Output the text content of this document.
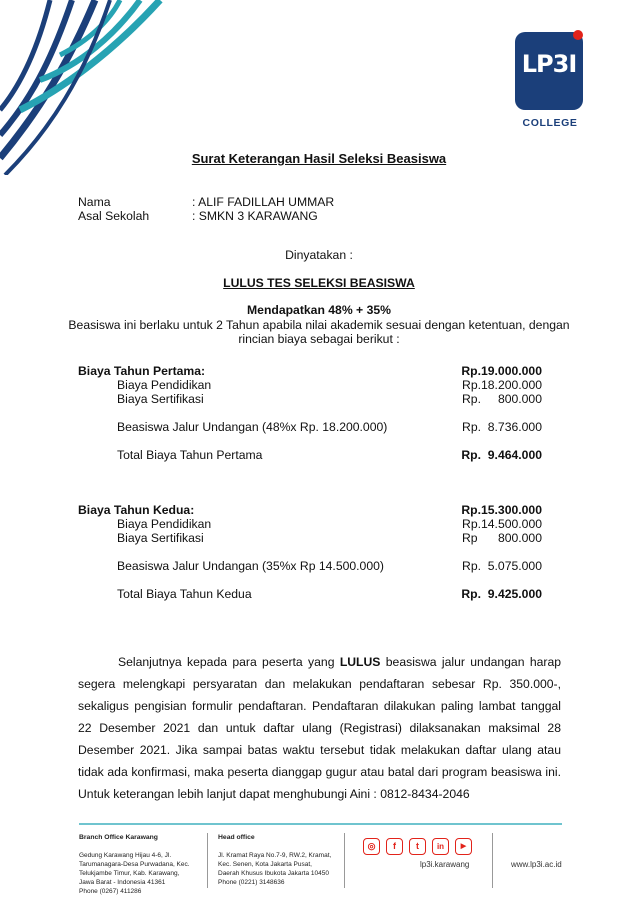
LP3I
COLLEGE
Surat Keterangan Hasil Seleksi Beasiswa
Nama	: ALIF FADILLAH UMMAR
Asal Sekolah	: SMKN 3 KARAWANG
Dinyatakan :
LULUS TES SELEKSI BEASISWA
Mendapatkan 48% + 35%
Beasiswa ini berlaku untuk 2 Tahun apabila nilai akademik sesuai dengan ketentuan, dengan
rincian biaya sebagai berikut :
Biaya Tahun Pertama:	Rp.19.000.000
Biaya Pendidikan	Rp.18.200.000
Biaya Sertifikasi	Rp.	800.000
Beasiswa Jalur Undangan (48%x Rp. 18.200.000)	Rp.  8.736.000
Total Biaya Tahun Pertama	Rp.  9.464.000
Biaya Tahun Kedua:	Rp.15.300.000
Biaya Pendidikan	Rp.14.500.000
Biaya Sertifikasi	Rp	800.000
Beasiswa Jalur Undangan (35%x Rp 14.500.000)	Rp.  5.075.000
Total Biaya Tahun Kedua	Rp.  9.425.000

Selanjutnya kepada para peserta yang LULUS beasiswa jalur undangan harap segera melengkapi persyaratan dan melakukan pendaftaran sebesar Rp. 350.000-, sekaligus pengisian formulir pendaftaran. Pendaftaran dilakukan paling lambat tanggal 22 Desember 2021 dan untuk daftar ulang (Registrasi) dilaksanakan maksimal 28 Desember 2021. Jika sampai batas waktu tersebut tidak melakukan daftar ulang atau tidak ada konfirmasi, maka peserta dianggap gugur atau batal dari program beasiswa ini. Untuk keterangan lebih lanjut dapat menghubungi Aini : 0812-8434-2046

Branch Office Karawang
Gedung Karawang Hijau 4-6, Jl.
Tarumanagara-Desa Purwadana, Kec.
Telukjambe Timur, Kab. Karawang,
Jawa Barat - Indonesia 41361
Phone (0267) 411286
Head office
Jl. Kramat Raya No.7-9, RW.2, Kramat,
Kec. Senen, Kota Jakarta Pusat,
Daerah Khusus Ibukota Jakarta 10450
Phone (0221) 3148636
◎	f	t	in	▶
lp3i.karawang	www.lp3i.ac.id
